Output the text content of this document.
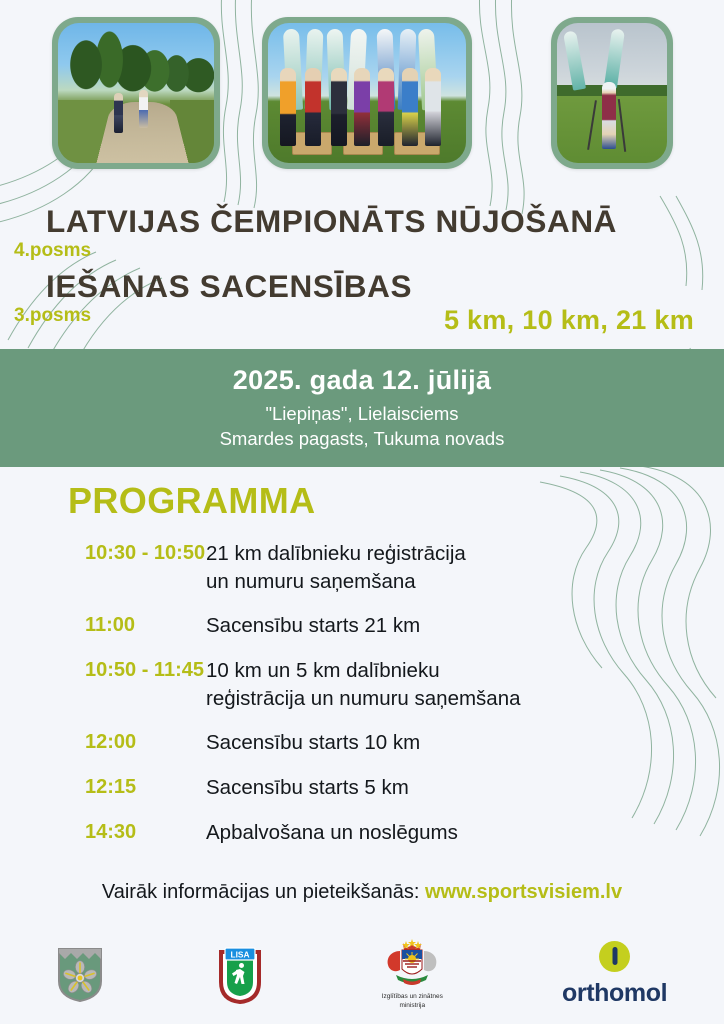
LATVIJAS ČEMPIONĀTS NŪJOŠANĀ
4.posms
IEŠANAS SACENSĪBAS
3.posms	5 km, 10 km, 21 km
2025. gada 12. jūlijā
"Liepiņas", Lielaisciems
Smardes pagasts, Tukuma novads
PROGRAMMA
10:30 - 10:50 21 km dalībnieku reģistrācija
un numuru saņemšana
11:00	Sacensību starts 21 km
10:50 - 11:45 10 km un 5 km dalībnieku
reģistrācija un numuru saņemšana
12:00	Sacensību starts 10 km
12:15	Sacensību starts 5 km
14:30	Apbalvošana un noslēgums
Vairāk informācijas un pieteikšanās: www.sportsvisiem.lv
LISA
Izglītības un zinātnes
ministrija	orthomol
